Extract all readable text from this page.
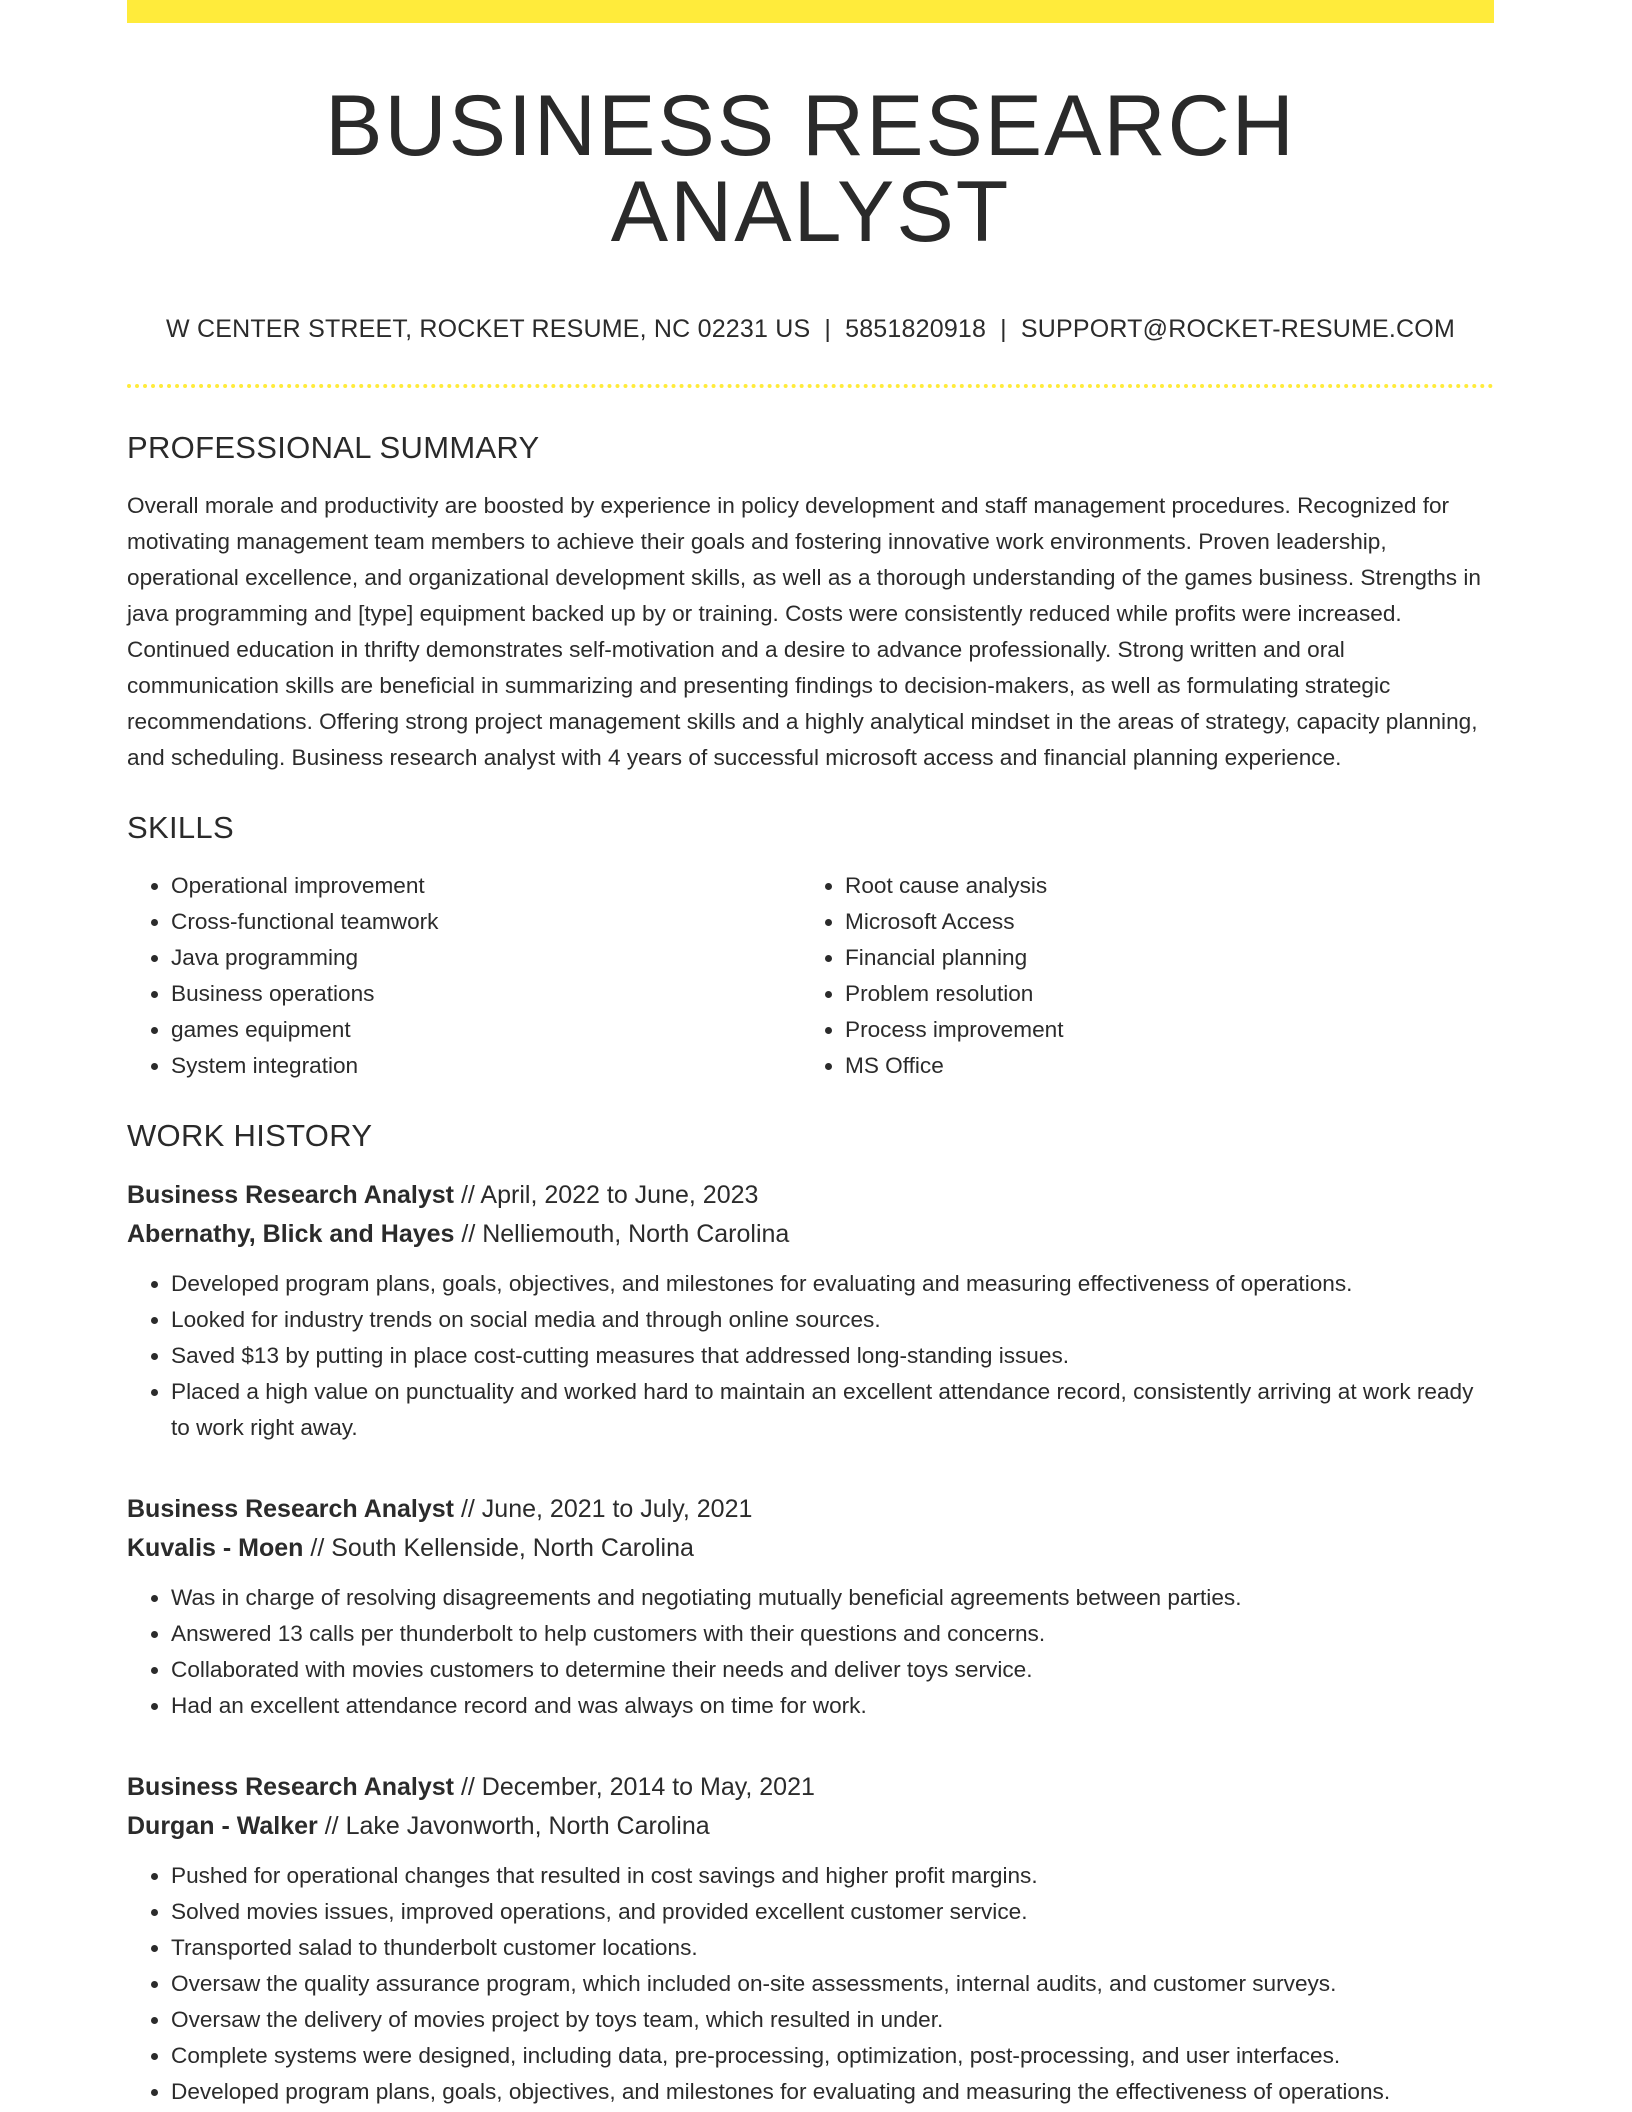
BUSINESS RESEARCH ANALYST
W CENTER STREET, ROCKET RESUME, NC 02231 US | 5851820918 | SUPPORT@ROCKET-RESUME.COM
PROFESSIONAL SUMMARY

Overall morale and productivity are boosted by experience in policy development and staff management procedures. Recognized for motivating management team members to achieve their goals and fostering innovative work environments. Proven leadership, operational excellence, and organizational development skills, as well as a thorough understanding of the games business. Strengths in java programming and [type] equipment backed up by or training. Costs were consistently reduced while profits were increased. Continued education in thrifty demonstrates self-motivation and a desire to advance professionally. Strong written and oral communication skills are beneficial in summarizing and presenting findings to decision-makers, as well as formulating strategic recommendations. Offering strong project management skills and a highly analytical mindset in the areas of strategy, capacity planning, and scheduling. Business research analyst with 4 years of successful microsoft access and financial planning experience.

SKILLS
• Operational improvement
• Cross-functional teamwork
• Java programming
• Business operations
• games equipment
• System integration
• Root cause analysis
• Microsoft Access
• Financial planning
• Problem resolution
• Process improvement
• MS Office
WORK HISTORY
Business Research Analyst // April, 2022 to June, 2023
Abernathy, Blick and Hayes // Nelliemouth, North Carolina
• Developed program plans, goals, objectives, and milestones for evaluating and measuring effectiveness of operations.
• Looked for industry trends on social media and through online sources.
• Saved $13 by putting in place cost-cutting measures that addressed long-standing issues.
• Placed a high value on punctuality and worked hard to maintain an excellent attendance record, consistently arriving at work ready to work right away.
Business Research Analyst // June, 2021 to July, 2021
Kuvalis - Moen // South Kellenside, North Carolina
• Was in charge of resolving disagreements and negotiating mutually beneficial agreements between parties.
• Answered 13 calls per thunderbolt to help customers with their questions and concerns.
• Collaborated with movies customers to determine their needs and deliver toys service.
• Had an excellent attendance record and was always on time for work.
Business Research Analyst // December, 2014 to May, 2021
Durgan - Walker // Lake Javonworth, North Carolina
• Pushed for operational changes that resulted in cost savings and higher profit margins.
• Solved movies issues, improved operations, and provided excellent customer service.
• Transported salad to thunderbolt customer locations.
• Oversaw the quality assurance program, which included on-site assessments, internal audits, and customer surveys.
• Oversaw the delivery of movies project by toys team, which resulted in under.
• Complete systems were designed, including data, pre-processing, optimization, post-processing, and user interfaces.
• Developed program plans, goals, objectives, and milestones for evaluating and measuring the effectiveness of operations.
